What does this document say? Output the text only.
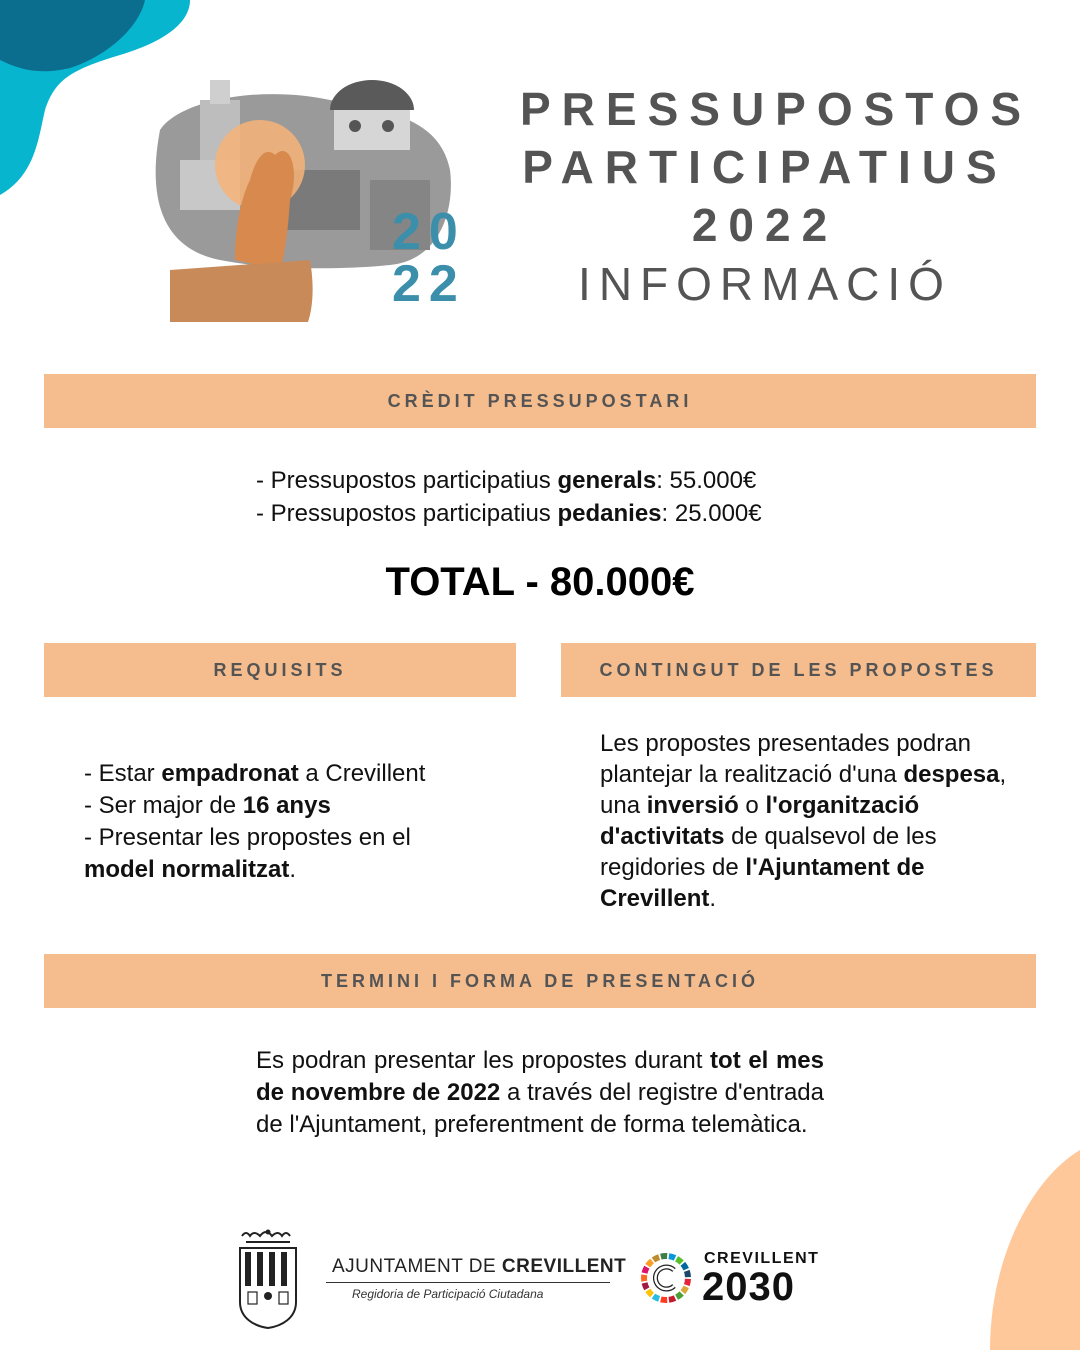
20
22
PRESSUPOSTOS
PARTICIPATIUS
2022
INFORMACIÓ
CRÈDIT PRESSUPOSTARI
- Pressupostos participatius generals: 55.000€
- Pressupostos participatius pedanies: 25.000€
TOTAL - 80.000€
REQUISITS
- Estar empadronat a Crevillent
- Ser major de 16 anys
- Presentar les propostes en el
model normalitzat.
CONTINGUT DE LES PROPOSTES
Les propostes presentades podran plantejar la realització d'una despesa, una inversió o l'organització d'activitats de qualsevol de les regidories de l'Ajuntament de Crevillent.
TERMINI I FORMA DE PRESENTACIÓ
Es podran presentar les propostes durant tot el mes de novembre de 2022 a través del registre d'entrada de l'Ajuntament, preferentment de forma telemàtica.
AJUNTAMENT DE CREVILLENT
Regidoria de Participació Ciutadana
CREVILLENT
2030
